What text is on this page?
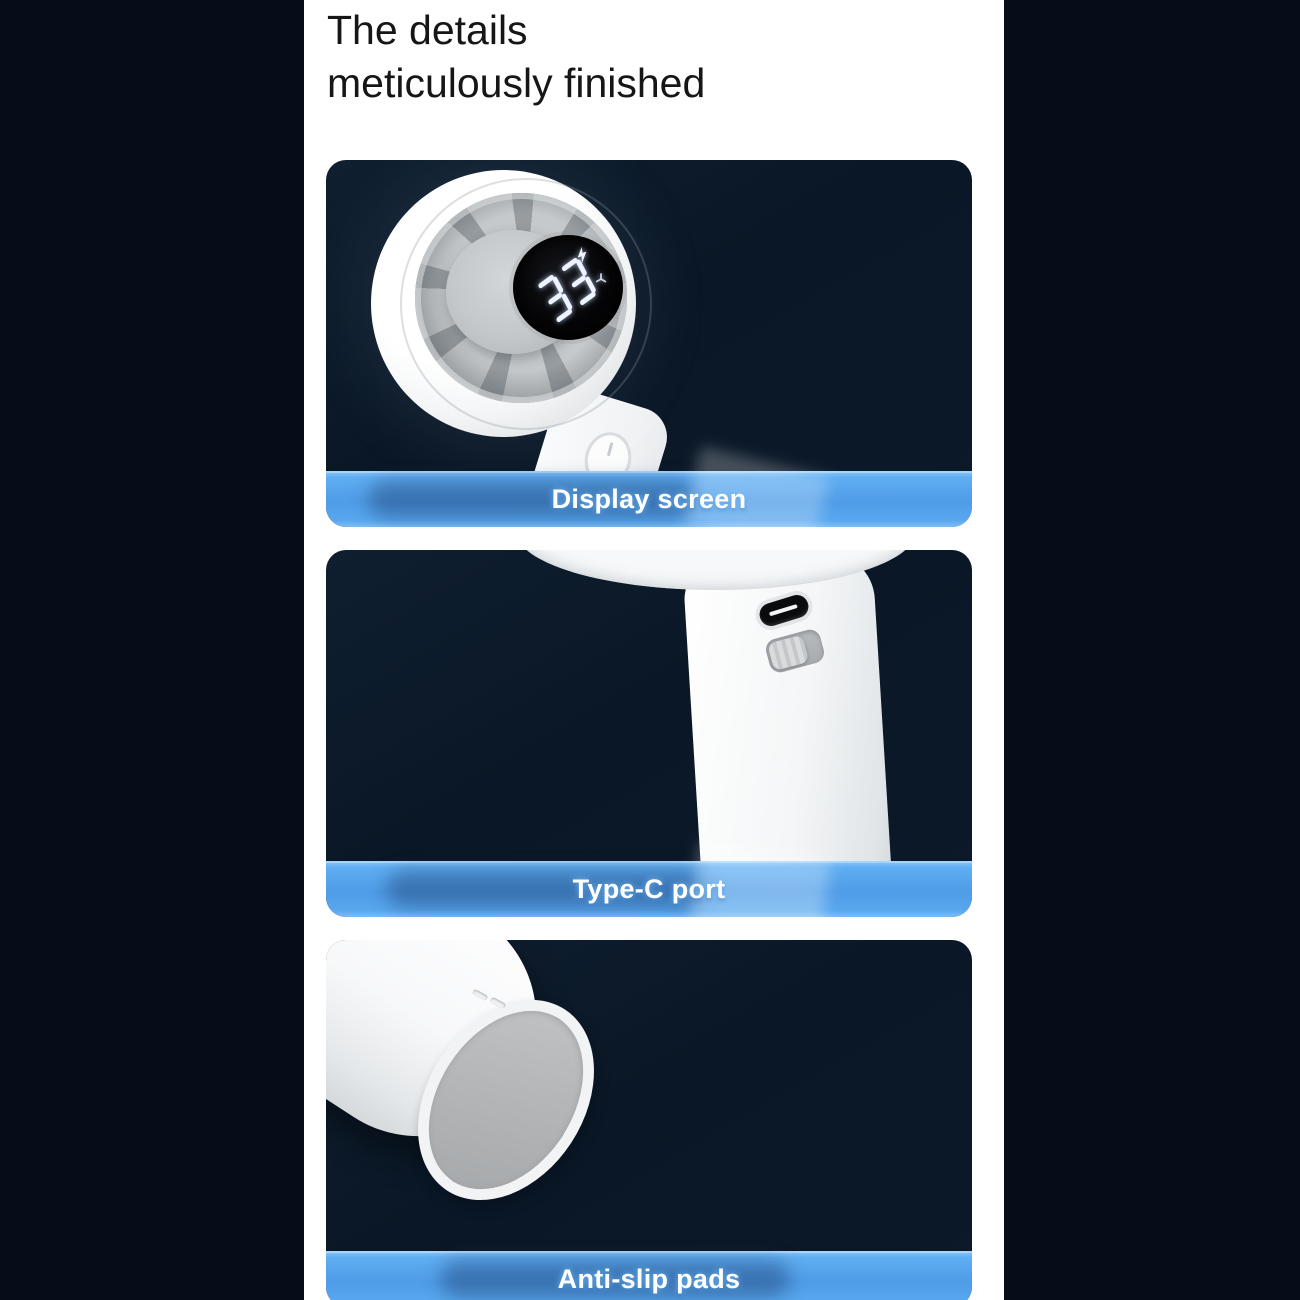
The details
meticulously finished
Display screen
Type-C port
Anti-slip pads
